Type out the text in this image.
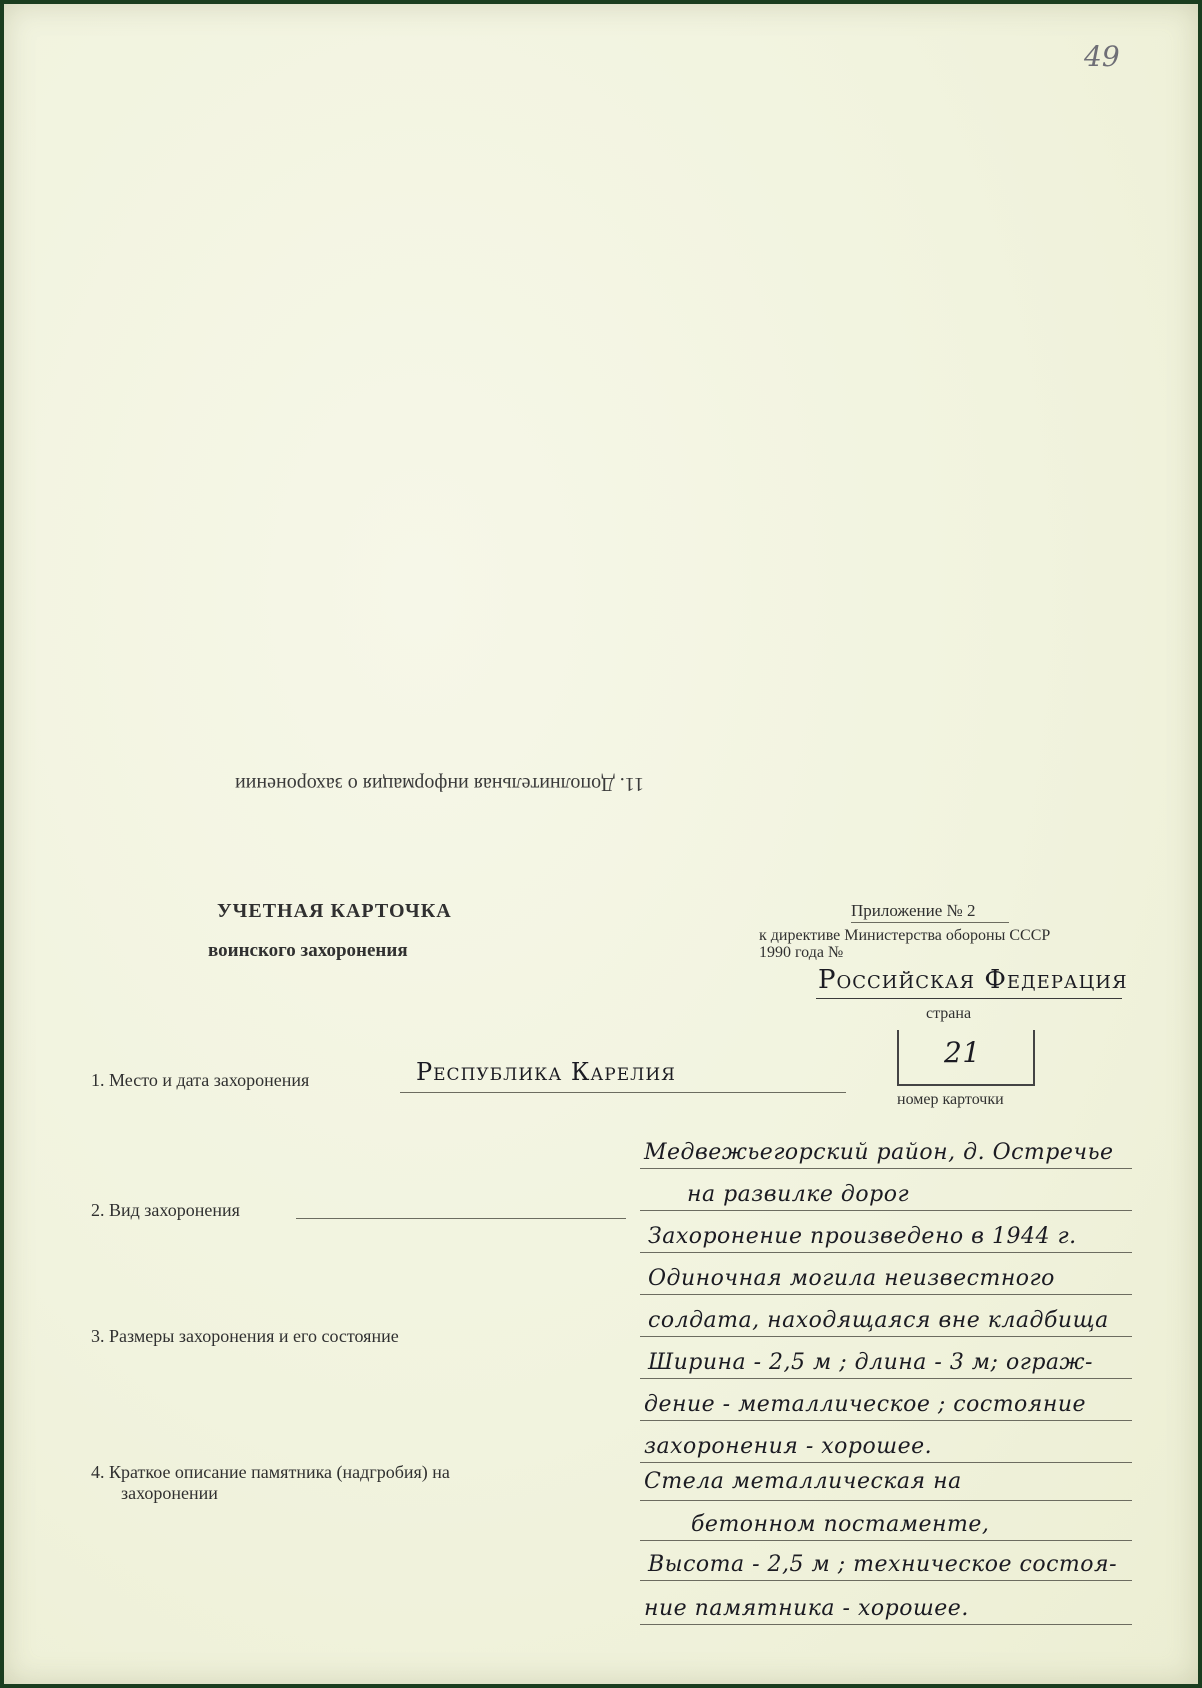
49
11. Дополнительная информация о захоронении
УЧЕТНАЯ КАРТОЧКА
воинского захоронения
Приложение № 2
к директиве Министерства обороны СССР
1990 года №
Российская Федерация
страна
21
номер карточки
1. Место и дата захоронения	Республика Карелия
2. Вид захоронения
3. Размеры захоронения и его состояние
4. Краткое описание памятника (надгробия) на
захоронении
Медвежьегорский район, д. Остречье
на развилке дорог
Захоронение произведено в 1944 г.
Одиночная могила неизвестного
солдата, находящаяся вне кладбища
Ширина - 2,5 м ; длина - 3 м; ограж-
дение - металлическое ; состояние
захоронения - хорошее.
Стела металлическая на
бетонном постаменте,
Высота - 2,5 м ; техническое состоя-
ние памятника - хорошее.
